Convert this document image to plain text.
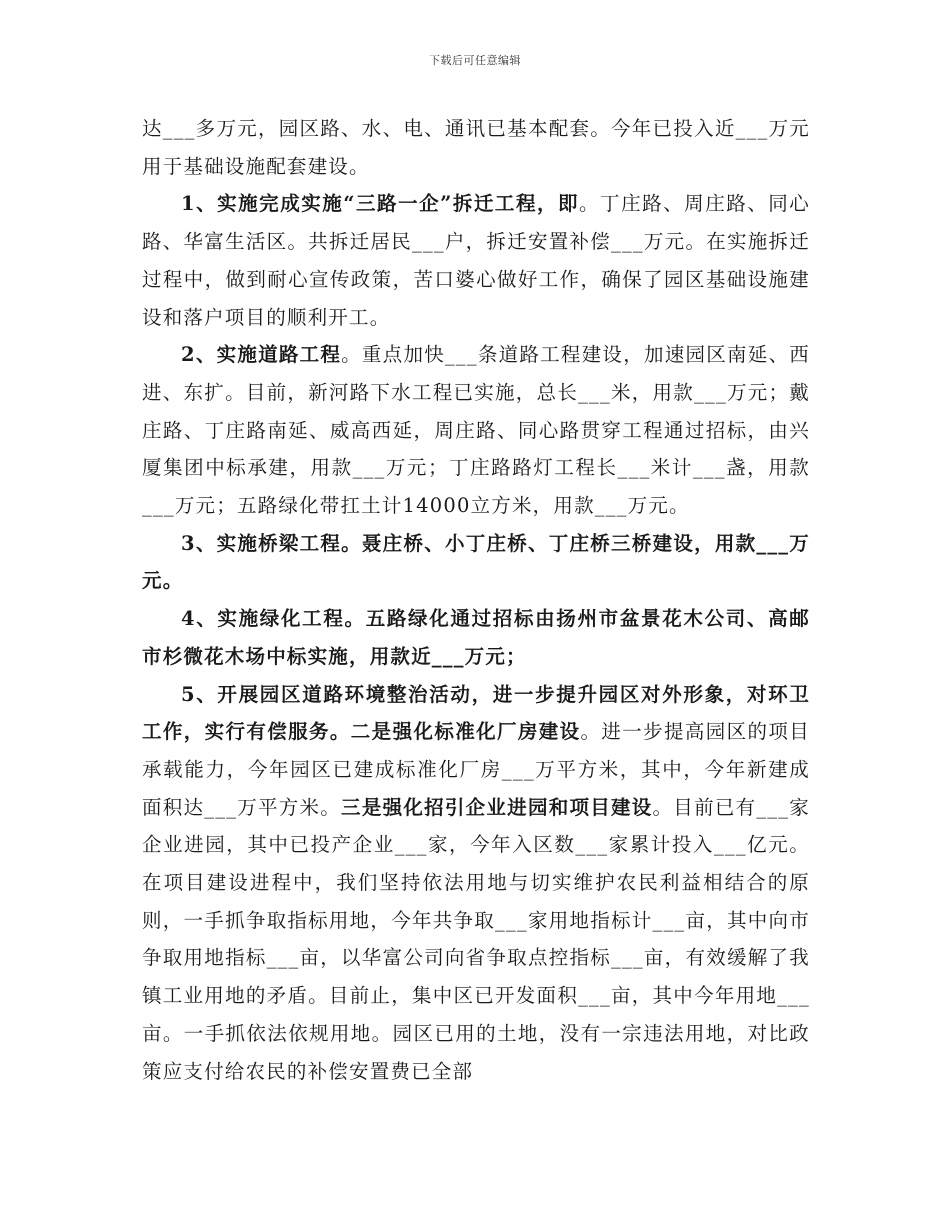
下载后可任意编辑

达___多万元，园区路、水、电、通讯已基本配套。今年已投入近___万元用于基础设施配套建设。

1、实施完成实施“三路一企”拆迁工程，即。丁庄路、周庄路、同心路、华富生活区。共拆迁居民___户，拆迁安置补偿___万元。在实施拆迁过程中，做到耐心宣传政策，苦口婆心做好工作，确保了园区基础设施建设和落户项目的顺利开工。

2、实施道路工程。重点加快___条道路工程建设，加速园区南延、西进、东扩。目前，新河路下水工程已实施，总长___米，用款___万元；戴庄路、丁庄路南延、威高西延，周庄路、同心路贯穿工程通过招标，由兴厦集团中标承建，用款___万元；丁庄路路灯工程长___米计___盏，用款___万元；五路绿化带扛土计14000立方米，用款___万元。

3、实施桥梁工程。聂庄桥、小丁庄桥、丁庄桥三桥建设，用款___万元。

4、实施绿化工程。五路绿化通过招标由扬州市盆景花木公司、高邮市杉微花木场中标实施，用款近___万元；

5、开展园区道路环境整治活动，进一步提升园区对外形象，对环卫工作，实行有偿服务。二是强化标准化厂房建设。进一步提高园区的项目承载能力，今年园区已建成标准化厂房___万平方米，其中，今年新建成面积达___万平方米。三是强化招引企业进园和项目建设。目前已有___家企业进园，其中已投产企业___家，今年入区数___家累计投入___亿元。在项目建设进程中，我们坚持依法用地与切实维护农民利益相结合的原则，一手抓争取指标用地，今年共争取___家用地指标计___亩，其中向市争取用地指标___亩，以华富公司向省争取点控指标___亩，有效缓解了我镇工业用地的矛盾。目前止，集中区已开发面积___亩，其中今年用地___亩。一手抓依法依规用地。园区已用的土地，没有一宗违法用地，对比政策应支付给农民的补偿安置费已全部
